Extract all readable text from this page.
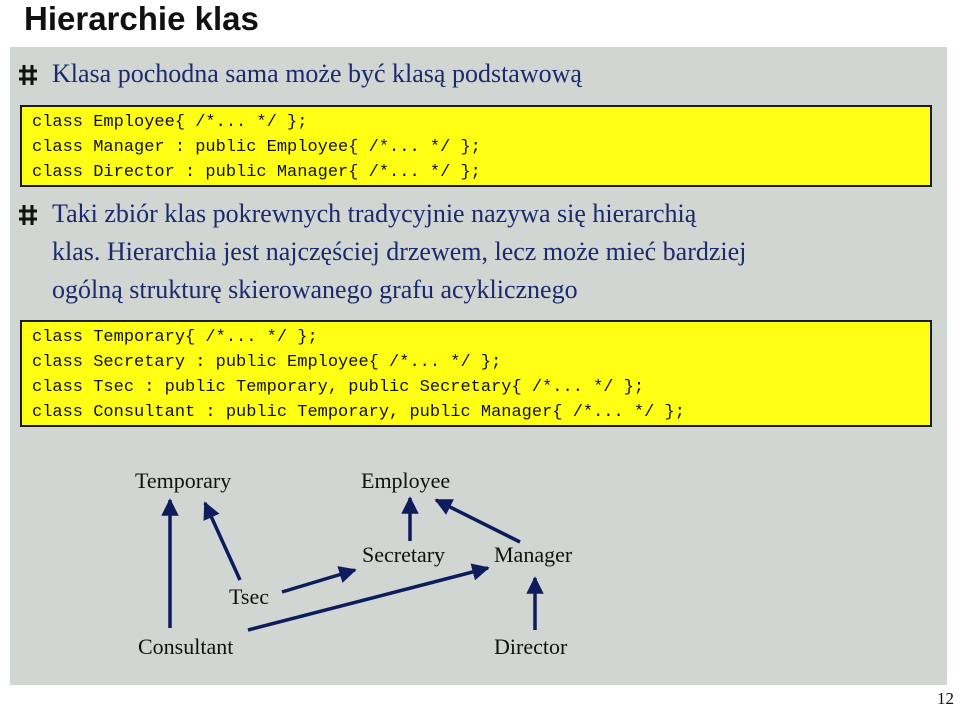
Hierarchie klas
Klasa pochodna sama może być klasą podstawową
class Employee{ /*... */ };
class Manager : public Employee{ /*... */ };
class Director : public Manager{ /*... */ };
Taki zbiór klas pokrewnych tradycyjnie nazywa się hierarchią
klas. Hierarchia jest najczęściej drzewem, lecz może mieć bardziej
ogólną strukturę skierowanego grafu acyklicznego
class Temporary{ /*... */ };
class Secretary : public Employee{ /*... */ };
class Tsec : public Temporary, public Secretary{ /*... */ };
class Consultant : public Temporary, public Manager{ /*... */ };
Temporary	Employee
Secretary Manager
Tsec
Consultant	Director
12
